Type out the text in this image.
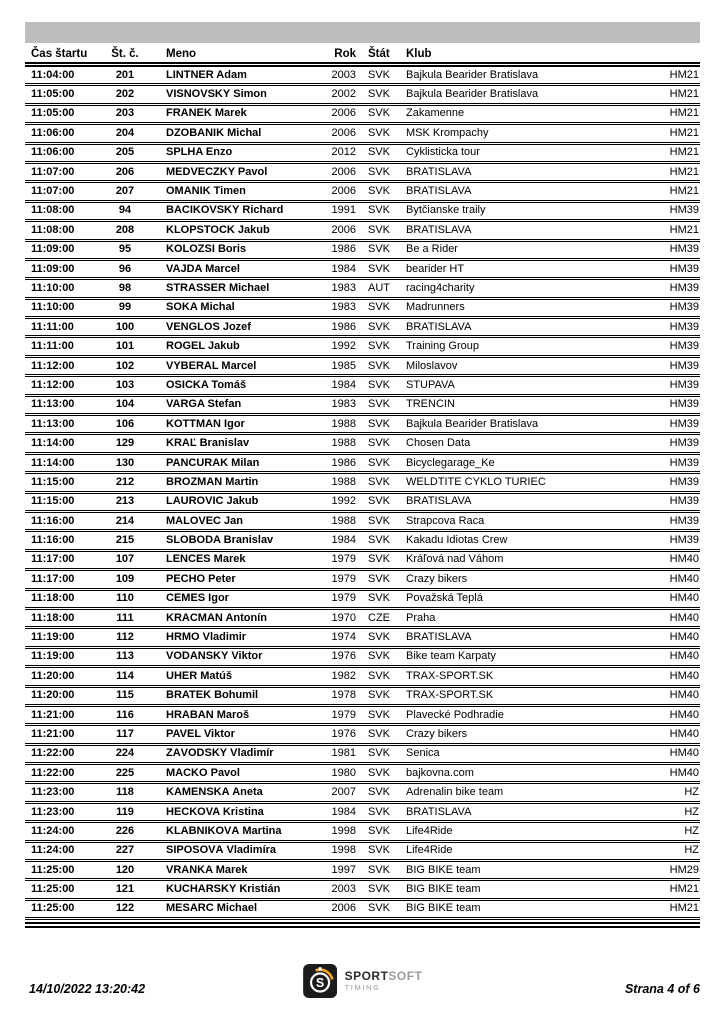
Čas štartu	Št. č.	Meno	Rok Štát	Klub
11:04:00	201	LINTNER Adam	2003 SVK	Bajkula Bearider Bratislava	HM21
11:05:00	202	VIŠŇOVSKÝ Šimon	2002 SVK	Bajkula Bearider Bratislava	HM21
11:05:00	203	FRANEK Marek	2006 SVK	Zakamenne	HM21
11:06:00	204	DŽOBANIK Michal	2006 SVK	MŠK Krompachy	HM21
11:06:00	205	SPLHA Enzo	2012 SVK	Cyklisticka tour	HM21
11:07:00	206	MEDVECZKY Pavol	2006 SVK	BRATISLAVA	HM21
11:07:00	207	OMANÍK Timen	2006 SVK	BRATISLAVA	HM21
11:08:00	94	BAČIKOVSKÝ Richard	1991 SVK	Bytčianske traily	HM39
11:08:00	208	KLOPSTOCK Jakub	2006 SVK	BRATISLAVA	HM21
11:09:00	95	KOLOZSI Boris	1986 SVK	Be a Rider	HM39
11:09:00	96	VAJDA Marcel	1984 SVK	bearider HT	HM39
11:10:00	98	STRASSER Michael	1983 AUT	racing4charity	HM39
11:10:00	99	ŠOKA Michal	1983 SVK	Madrunners	HM39
11:11:00	100	VENGLOŠ Jozef	1986 SVK	BRATISLAVA	HM39
11:11:00	101	ROGEL Jakub	1992 SVK	Training Group	HM39
11:12:00	102	VYBERAL Marcel	1985 SVK	Miloslavov	HM39
11:12:00	103	OSIČKA Tomáš	1984 SVK	STUPAVA	HM39
11:13:00	104	VARGA Štefan	1983 SVK	TRENČÍN	HM39
11:13:00	106	KOTTMAN Igor	1988 SVK	Bajkula Bearider Bratislava	HM39
11:14:00	129	KRÁĽ Branislav	1988 SVK	Chosen Data	HM39
11:14:00	130	PANCURÁK Milan	1986 SVK	Bicyclegarage_Ke	HM39
11:15:00	212	BROZMAN Martin	1988 SVK	WELDTITE CYKLO TURIEC	HM39
11:15:00	213	LAUROVIČ Jakub	1992 SVK	BRATISLAVA	HM39
11:16:00	214	MALOVEC Jan	1988 SVK	Strapcova Raca	HM39
11:16:00	215	SLOBODA Branislav	1984 SVK	Kakadu Idiotas Crew	HM39
11:17:00	107	LENČEŠ Marek	1979 SVK	Kráľová nad Váhom	HM40
11:17:00	109	PECHO Peter	1979 SVK	Crazy bikers	HM40
11:18:00	110	ČEMEŠ Igor	1979 SVK	Považská Teplá	HM40
11:18:00	111	KRAČMAN Antonín	1970 CZE	Praha	HM40
11:19:00	112	HRMO Vladimir	1974 SVK	BRATISLAVA	HM40
11:19:00	113	VODANSKÝ Viktor	1976 SVK	Bike team Karpaty	HM40
11:20:00	114	UHER Matúš	1982 SVK	TRAX-SPORT.SK	HM40
11:20:00	115	BRATEK Bohumil	1978 SVK	TRAX-SPORT.SK	HM40
11:21:00	116	HRABAN Maroš	1979 SVK	Plavecké Podhradie	HM40
11:21:00	117	PAVEL Viktor	1976 SVK	Crazy bikers	HM40
11:22:00	224	ZÁVODSKÝ Vladimír	1981 SVK	Senica	HM40
11:22:00	225	MACKO Pavol	1980 SVK	bajkovna.com	HM40
11:23:00	118	KAMENSKÁ Aneta	2007 SVK	Adrenalin bike team	HZ
11:23:00	119	HECKOVA Kristina	1984 SVK	BRATISLAVA	HZ
11:24:00	226	KLABNÍKOVÁ Martina	1998 SVK	Life4Ride	HZ
11:24:00	227	ŠÍPOŠOVÁ Vladimíra	1998 SVK	Life4Ride	HZ
11:25:00	120	VRANKA Marek	1997 SVK	BIG BIKE team	HM29
11:25:00	121	KUCHARSKÝ Kristián	2003 SVK	BIG BIKE team	HM21
11:25:00	122	MESARČ Michael	2006 SVK	BIG BIKE team	HM21
14/10/2022 13:20:42	S SPORTSOFT
TIMING	Strana 4 of 6
